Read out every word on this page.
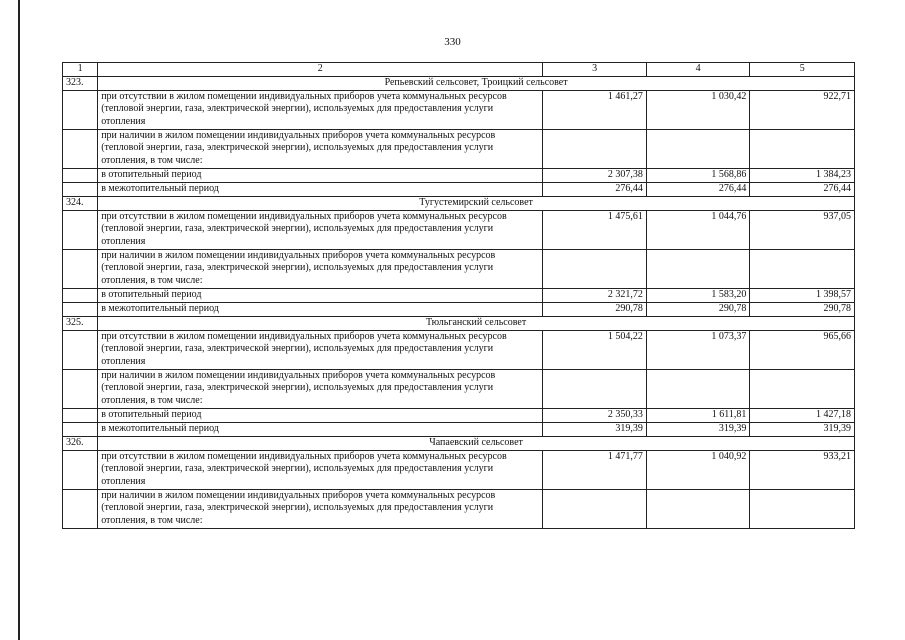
330
1	2	3	4	5
323.	Репьевский сельсовет, Троицкий сельсовет			
	при отсутствии в жилом помещении индивидуальных приборов учета коммунальных ресурсов (тепловой энергии, газа, электрической энергии), используемых для предоставления услуги отопления	1 461,27	1 030,42	922,71
	при наличии в жилом помещении индивидуальных приборов учета коммунальных ресурсов (тепловой энергии, газа, электрической энергии), используемых для предоставления услуги отопления, в том числе:			
	в отопительный период	2 307,38	1 568,86	1 384,23
	в межотопительный период	276,44	276,44	276,44
324.	Тугустемирский сельсовет			
	при отсутствии в жилом помещении индивидуальных приборов учета коммунальных ресурсов (тепловой энергии, газа, электрической энергии), используемых для предоставления услуги отопления	1 475,61	1 044,76	937,05
	при наличии в жилом помещении индивидуальных приборов учета коммунальных ресурсов (тепловой энергии, газа, электрической энергии), используемых для предоставления услуги отопления, в том числе:			
	в отопительный период	2 321,72	1 583,20	1 398,57
	в межотопительный период	290,78	290,78	290,78
325.	Тюльганский сельсовет			
	при отсутствии в жилом помещении индивидуальных приборов учета коммунальных ресурсов (тепловой энергии, газа, электрической энергии), используемых для предоставления услуги отопления	1 504,22	1 073,37	965,66
	при наличии в жилом помещении индивидуальных приборов учета коммунальных ресурсов (тепловой энергии, газа, электрической энергии), используемых для предоставления услуги отопления, в том числе:			
	в отопительный период	2 350,33	1 611,81	1 427,18
	в межотопительный период	319,39	319,39	319,39
326.	Чапаевский сельсовет			
	при отсутствии в жилом помещении индивидуальных приборов учета коммунальных ресурсов (тепловой энергии, газа, электрической энергии), используемых для предоставления услуги отопления	1 471,77	1 040,92	933,21
	при наличии в жилом помещении индивидуальных приборов учета коммунальных ресурсов (тепловой энергии, газа, электрической энергии), используемых для предоставления услуги отопления, в том числе:			
